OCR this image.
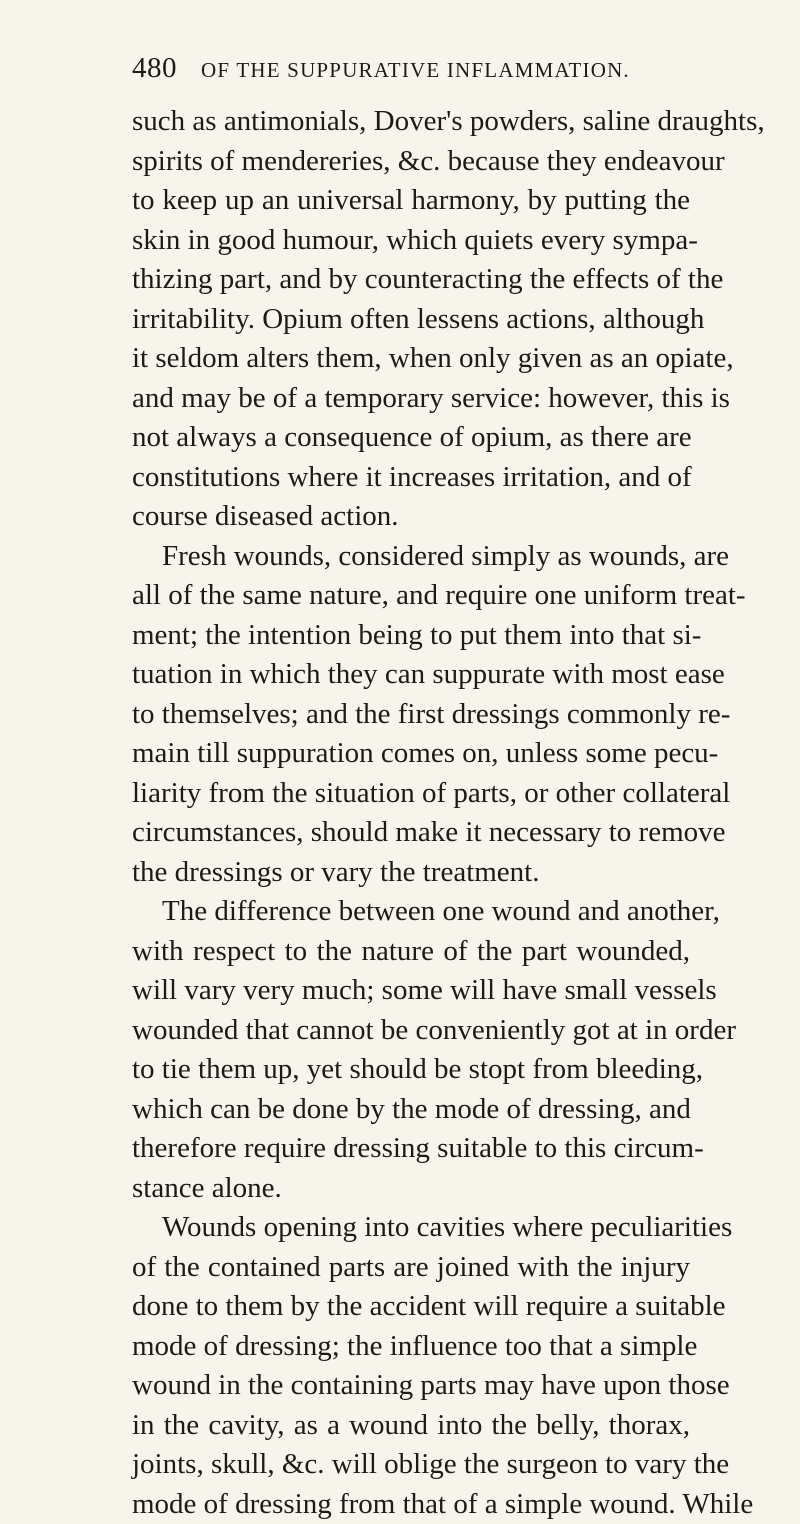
480 OF THE SUPPURATIVE INFLAMMATION.
such as antimonials, Dover's powders, saline draughts,
spirits of mendereries, &c. because they endeavour
to keep up an universal harmony, by putting the
skin in good humour, which quiets every sympa-
thizing part, and by counteracting the effects of the
irritability. Opium often lessens actions, although
it seldom alters them, when only given as an opiate,
and may be of a temporary service: however, this is
not always a consequence of opium, as there are
constitutions where it increases irritation, and of
course diseased action.
Fresh wounds, considered simply as wounds, are
all of the same nature, and require one uniform treat-
ment; the intention being to put them into that si-
tuation in which they can suppurate with most ease
to themselves; and the first dressings commonly re-
main till suppuration comes on, unless some pecu-
liarity from the situation of parts, or other collateral
circumstances, should make it necessary to remove
the dressings or vary the treatment.
The difference between one wound and another,
with respect to the nature of the part wounded,
will vary very much; some will have small vessels
wounded that cannot be conveniently got at in order
to tie them up, yet should be stopt from bleeding,
which can be done by the mode of dressing, and
therefore require dressing suitable to this circum-
stance alone.
Wounds opening into cavities where peculiarities
of the contained parts are joined with the injury
done to them by the accident will require a suitable
mode of dressing; the influence too that a simple
wound in the containing parts may have upon those
in the cavity, as a wound into the belly, thorax,
joints, skull, &c. will oblige the surgeon to vary the
mode of dressing from that of a simple wound. While
